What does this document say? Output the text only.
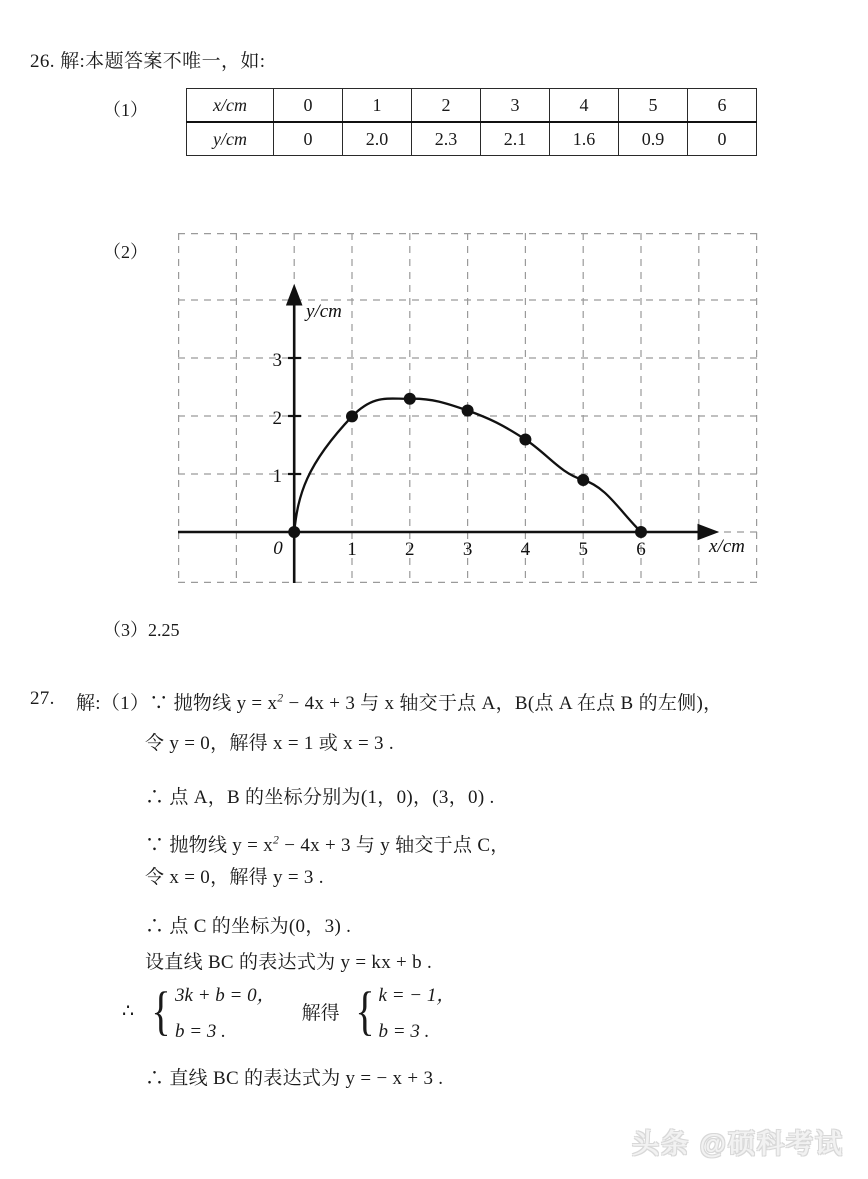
26. 解:本题答案不唯一，如:
（1）	x/cm	0	1	2	3	4	5	6
y/cm	0	2.0	2.3	2.1	1.6	0.9	0
（2）
0	1	2	3	4	5	6
1
2
3
y/cm
x/cm
（3）2.25
27. 解:（1）∵ 抛物线 $y = x^2 - 4x + 3$ 与 x 轴交于点 A，B(点 A 在点 B 的左侧)，
令 y = 0，解得 x = 1 或 x = 3 .
∴ 点 A，B 的坐标分别为(1，0)，(3，0) .
∵ 抛物线 $y = x^2 - 4x + 3$ 与 y 轴交于点 C，
令 x = 0，解得 y = 3 .
∴ 点 C 的坐标为(0，3) .
设直线 BC 的表达式为 y = kx + b .
∴ { 3k + b = 0，
b = 3 .
解得 { k = − 1，
b = 3 .
∴ 直线 BC 的表达式为 y = − x + 3 .
头条 @硕科考试
